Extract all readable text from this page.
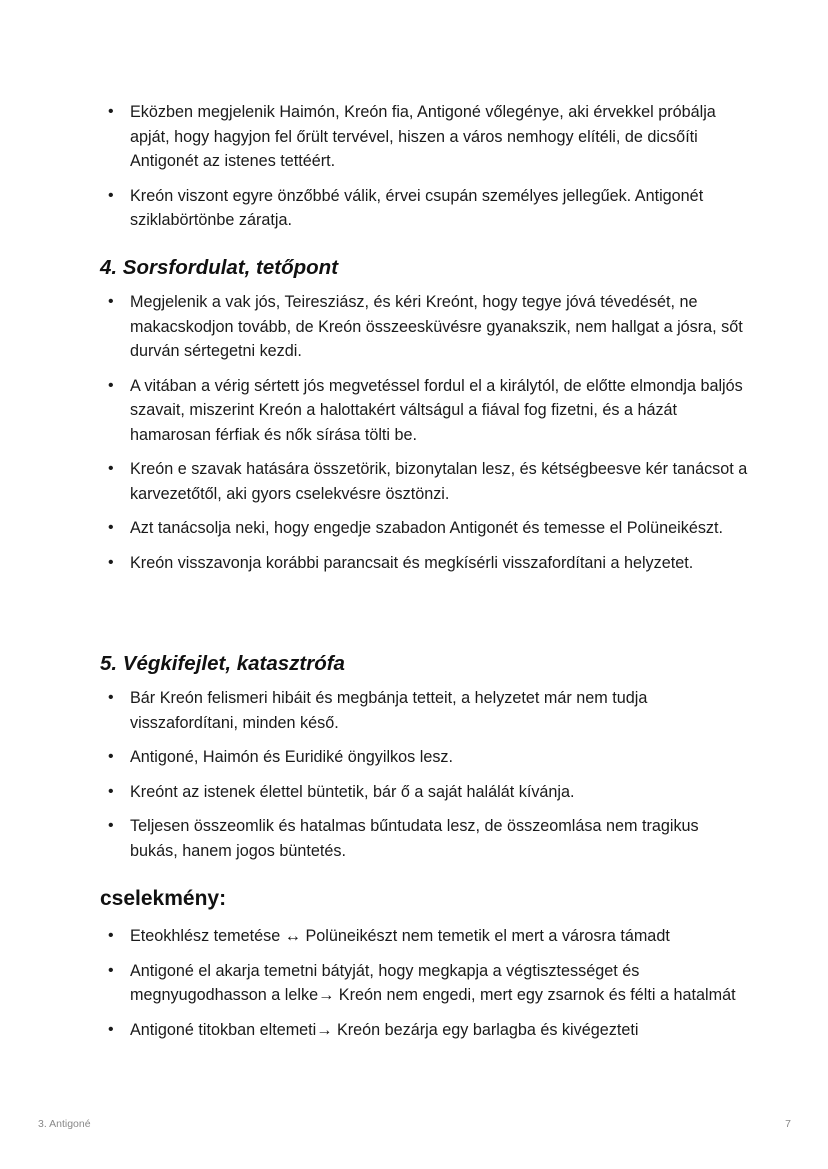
• Eközben megjelenik Haimón, Kreón fia, Antigoné vőlegénye, aki érvekkel próbálja apját, hogy hagyjon fel őrült tervével, hiszen a város nemhogy elítéli, de dicsőíti Antigonét az istenes tettéért.
• Kreón viszont egyre önzőbbé válik, érvei csupán személyes jellegűek. Antigonét sziklabörtönbe záratja.
4. Sorsfordulat, tetőpont
• Megjelenik a vak jós, Teiresziász, és kéri Kreónt, hogy tegye jóvá tévedését, ne makacskodjon tovább, de Kreón összeesküvésre gyanakszik, nem hallgat a jósra, sőt durván sértegetni kezdi.
• A vitában a vérig sértett jós megvetéssel fordul el a királytól, de előtte elmondja baljós szavait, miszerint Kreón a halottakért váltságul a fiával fog fizetni, és a házát hamarosan férfiak és nők sírása tölti be.
• Kreón e szavak hatására összetörik, bizonytalan lesz, és kétségbeesve kér tanácsot a karvezetőtől, aki gyors cselekvésre ösztönzi.
• Azt tanácsolja neki, hogy engedje szabadon Antigonét és temesse el Polüneikészt.
• Kreón visszavonja korábbi parancsait és megkísérli visszafordítani a helyzetet.
5. Végkifejlet, katasztrófa
• Bár Kreón felismeri hibáit és megbánja tetteit, a helyzetet már nem tudja visszafordítani, minden késő.
• Antigoné, Haimón és Euridiké öngyilkos lesz.
• Kreónt az istenek élettel büntetik, bár ő a saját halálát kívánja.
• Teljesen összeomlik és hatalmas bűntudata lesz, de összeomlása nem tragikus bukás, hanem jogos büntetés.
cselekmény:
• Eteokhlész temetése ↔ Polüneikészt nem temetik el mert a városra támadt
• Antigoné el akarja temetni bátyját, hogy megkapja a végtisztességet és megnyugodhasson a lelke→ Kreón nem engedi, mert egy zsarnok és félti a hatalmát
• Antigoné titokban eltemeti→ Kreón bezárja egy barlagba és kivégezteti
3. Antigoné	7
